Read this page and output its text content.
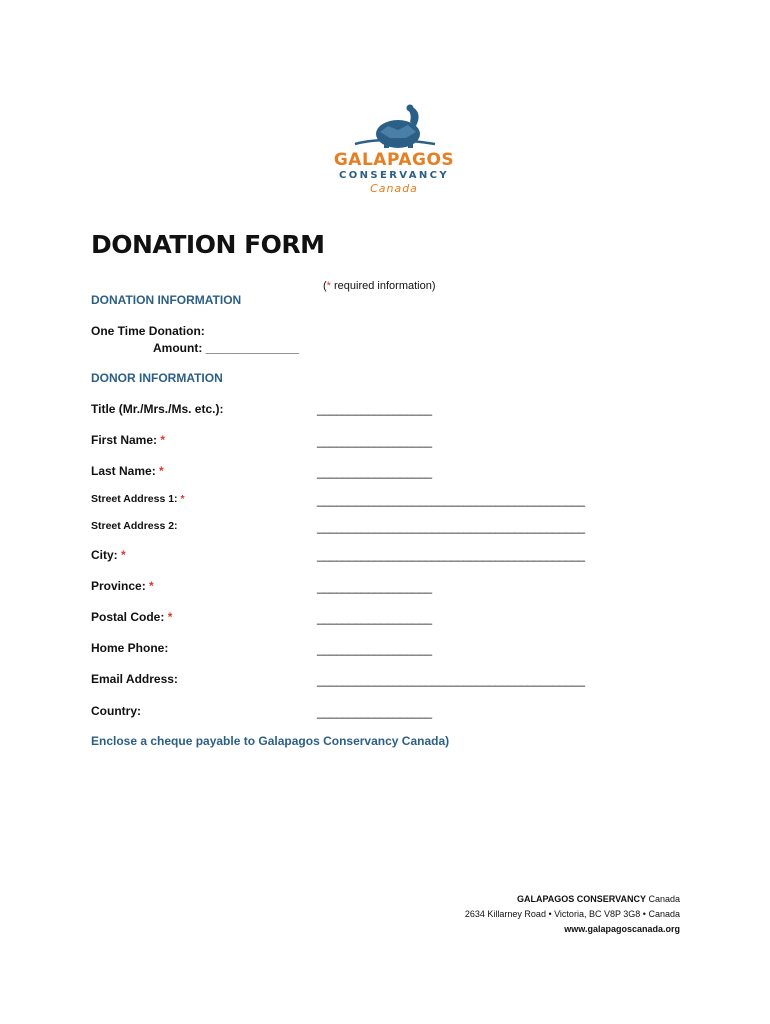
GALAPAGOS
CONSERVANCY
Canada
DONATION FORM
(* required information)
DONATION INFORMATION
One Time Donation:
Amount: ______________
DONOR INFORMATION
Title (Mr./Mrs./Ms. etc.):	__________________
First Name: *	__________________
Last Name: *	__________________
Street Address 1: *	__________________________________________
Street Address 2:	__________________________________________
City: *	__________________________________________
Province: *	__________________
Postal Code: *	__________________
Home Phone:	__________________
Email Address:	__________________________________________
Country:	__________________
Enclose a cheque payable to Galapagos Conservancy Canada)
GALAPAGOS CONSERVANCY Canada
2634 Killarney Road • Victoria, BC V8P 3G8 • Canada
www.galapagoscanada.org
